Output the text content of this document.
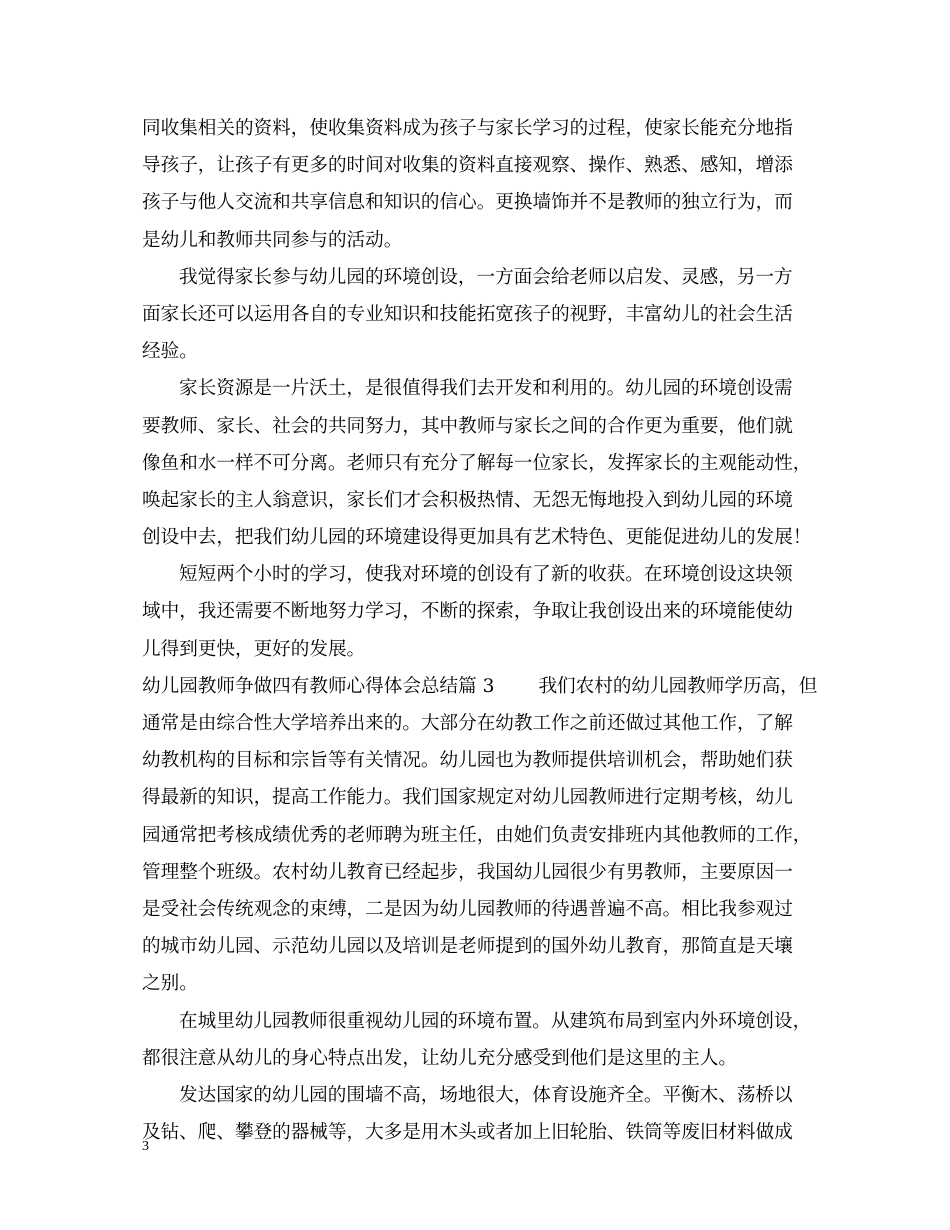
同收集相关的资料，使收集资料成为孩子与家长学习的过程，使家长能充分地指
导孩子，让孩子有更多的时间对收集的资料直接观察、操作、熟悉、感知，增添
孩子与他人交流和共享信息和知识的信心。更换墙饰并不是教师的独立行为，而
是幼儿和教师共同参与的活动。
我觉得家长参与幼儿园的环境创设，一方面会给老师以启发、灵感，另一方
面家长还可以运用各自的专业知识和技能拓宽孩子的视野，丰富幼儿的社会生活
经验。
家长资源是一片沃土，是很值得我们去开发和利用的。幼儿园的环境创设需
要教师、家长、社会的共同努力，其中教师与家长之间的合作更为重要，他们就
像鱼和水一样不可分离。老师只有充分了解每一位家长，发挥家长的主观能动性，
唤起家长的主人翁意识，家长们才会积极热情、无怨无悔地投入到幼儿园的环境
创设中去，把我们幼儿园的环境建设得更加具有艺术特色、更能促进幼儿的发展！
短短两个小时的学习，使我对环境的创设有了新的收获。在环境创设这块领
域中，我还需要不断地努力学习，不断的探索，争取让我创设出来的环境能使幼
儿得到更快，更好的发展。
幼儿园教师争做四有教师心得体会总结篇 3 我们农村的幼儿园教师学历高，但
通常是由综合性大学培养出来的。大部分在幼教工作之前还做过其他工作，了解
幼教机构的目标和宗旨等有关情况。幼儿园也为教师提供培训机会，帮助她们获
得最新的知识，提高工作能力。我们国家规定对幼儿园教师进行定期考核，幼儿
园通常把考核成绩优秀的老师聘为班主任，由她们负责安排班内其他教师的工作，
管理整个班级。农村幼儿教育已经起步，我国幼儿园很少有男教师，主要原因一
是受社会传统观念的束缚，二是因为幼儿园教师的待遇普遍不高。相比我参观过
的城市幼儿园、示范幼儿园以及培训是老师提到的国外幼儿教育，那简直是天壤
之别。
在城里幼儿园教师很重视幼儿园的环境布置。从建筑布局到室内外环境创设，
都很注意从幼儿的身心特点出发，让幼儿充分感受到他们是这里的主人。
发达国家的幼儿园的围墙不高，场地很大，体育设施齐全。平衡木、荡桥以
及钻、爬、攀登的器械等，大多是用木头或者加上旧轮胎、铁筒等废旧材料做成
3
